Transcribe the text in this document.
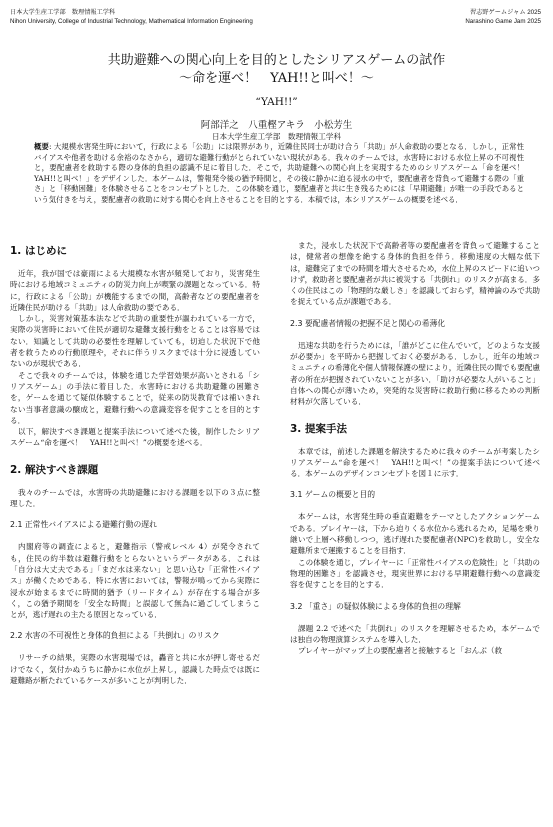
日本大学生産工学部　数理情報工学科
Nihon University, College of Industrial Technology, Mathematical Information Engineering
習志野ゲームジャム 2025
Narashino Game Jam 2025
共助避難への関心向上を目的としたシリアスゲームの試作
〜命を運べ！　YAH!!と叫べ！〜
“YAH!!”
阿部洋之　八重樫アキラ　小松芳生
日本大学生産工学部　数理情報工学科

概要: 大規模水害発生時において，行政による「公助」には限界があり，近隣住民同士が助け合う「共助」が人命救助の要となる．しかし，正常性バイアスや他者を助ける余裕のなさから，適切な避難行動がとられていない現状がある．我々のチームでは，水害時における水位上昇の不可視性と，要配慮者を救助する際の身体的負担の認識不足に着目した．そこで，共助避難への関心向上を実現するためのシリアスゲーム「命を運べ！　YAH!!と叫べ！」をデザインした．本ゲームは，警報発令後の猶予時間と，その後に静かに迫る浸水の中で，要配慮者を背負って避難する際の「重さ」と「移動困難」を体験させることをコンセプトとした．この体験を通じ，要配慮者と共に生き残るためには「早期避難」が唯一の手段であるという気付きを与え，要配慮者の救助に対する関心を向上させることを目的とする．本稿では，本シリアスゲームの概要を述べる．

1. はじめに

近年，我が国では豪雨による大規模な水害が頻発しており，災害発生時における地域コミュニティの防災力向上が喫緊の課題となっている．特に，行政による「公助」が機能するまでの間，高齢者などの要配慮者を近隣住民が助ける「共助」は人命救助の要である．

しかし，災害対策基本法などで共助の重要性が謳われている一方で，実際の災害時において住民が適切な避難支援行動をとることは容易ではない．知識として共助の必要性を理解していても，切迫した状況下で他者を救うための行動原理や，それに伴うリスクまでは十分に浸透していないのが現状である．

そこで我々のチームでは，体験を通じた学習効果が高いとされる「シリアスゲーム」の手法に着目した．水害時における共助避難の困難さを，ゲームを通じて疑似体験することで，従来の防災教育では補いきれない当事者意識の醸成と，避難行動への意識変容を促すことを目的とする．

以下，解決すべき課題と提案手法について述べた後，制作したシリアスゲーム“命を運べ！　YAH!!と叫べ！”の概要を述べる．

2. 解決すべき課題

我々のチームでは，水害時の共助避難における課題を以下の３点に整理した．

2.1 正常性バイアスによる避難行動の遅れ

内閣府等の調査によると，避難指示（警戒レベル 4）が発令されても，住民の約半数は避難行動をとらないというデータがある．これは「自分は大丈夫である」「まだ水は来ない」と思い込む「正常性バイアス」が働くためである．特に水害においては，警報が鳴ってから実際に浸水が始まるまでに時間的猶予（リードタイム）が存在する場合が多く，この猶予期間を「安全な時間」と誤認して無為に過ごしてしまうことが，逃げ遅れの主たる原因となっている．

2.2 水害の不可視性と身体的負担による「共倒れ」のリスク

リサーチの結果，実際の水害現場では，轟音と共に水が押し寄せるだけでなく，気付かぬうちに静かに水位が上昇し，認識した時点では既に避難路が断たれているケースが多いことが判明した．

また，浸水した状況下で高齢者等の要配慮者を背負って避難することは，健常者の想像を絶する身体的負担を伴う．移動速度の大幅な低下は，避難完了までの時間を増大させるため，水位上昇のスピードに追いつけず，救助者と要配慮者が共に被災する「共倒れ」のリスクが高まる．多くの住民はこの「物理的な厳しさ」を認識しておらず，精神論のみで共助を捉えている点が課題である．

2.3 要配慮者情報の把握不足と関心の希薄化

迅速な共助を行うためには，「誰がどこに住んでいて，どのような支援が必要か」を平時から把握しておく必要がある．しかし，近年の地域コミュニティの希薄化や個人情報保護の壁により，近隣住民の間でも要配慮者の所在が把握されていないことが多い．「助けが必要な人がいること」自体への関心が薄いため，突発的な災害時に救助行動に移るための判断材料が欠落している．

3. 提案手法

本章では，前述した課題を解決するために我々のチームが考案したシリアスゲーム“命を運べ！　YAH!!と叫べ！”の提案手法について述べる．本ゲームのデザインコンセプトを図１に示す．

3.1 ゲームの概要と目的

本ゲームは，水害発生時の垂直避難をテーマとしたアクションゲームである．プレイヤーは，下から迫りくる水位から逃れるため，足場を乗り継いで上層へ移動しつつ，逃げ遅れた要配慮者(NPC)を救助し，安全な避難所まで運搬することを目指す．

この体験を通じ，プレイヤーに「正常性バイアスの危険性」と「共助の物理的困難さ」を認識させ，現実世界における早期避難行動への意識変容を促すことを目的とする．

3.2 「重さ」の疑似体験による身体的負担の理解

課題 2.2 で述べた「共倒れ」のリスクを理解させるため，本ゲームでは独自の物理演算システムを導入した．

プレイヤーがマップ上の要配慮者と接触すると「おんぶ（救
